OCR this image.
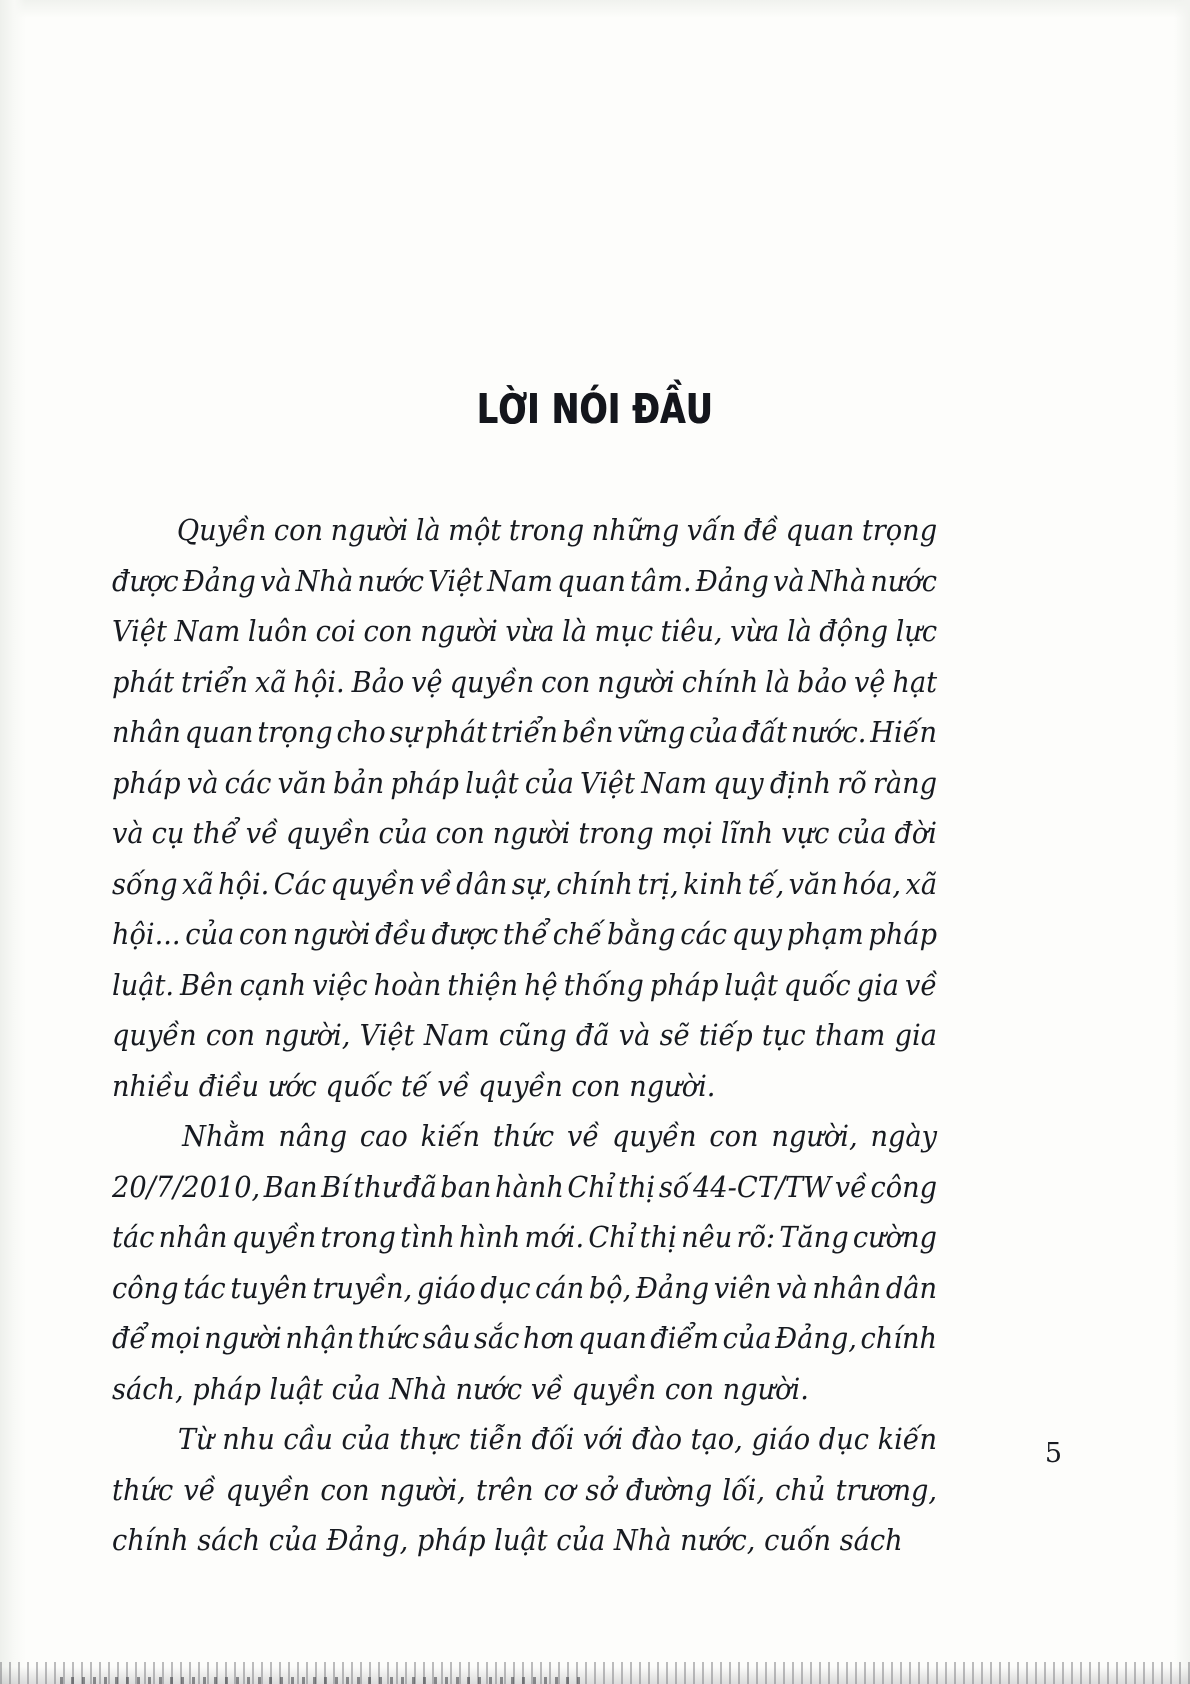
LỜI NÓI ĐẦU

Quyền con người là một trong những vấn đề quan trọng
được Đảng và Nhà nước Việt Nam quan tâm. Đảng và Nhà nước
Việt Nam luôn coi con người vừa là mục tiêu, vừa là động lực
phát triển xã hội. Bảo vệ quyền con người chính là bảo vệ hạt
nhân quan trọng cho sự phát triển bền vững của đất nước. Hiến
pháp và các văn bản pháp luật của Việt Nam quy định rõ ràng
và cụ thể về quyền của con người trong mọi lĩnh vực của đời
sống xã hội. Các quyền về dân sự, chính trị, kinh tế, văn hóa, xã
hội... của con người đều được thể chế bằng các quy phạm pháp
luật. Bên cạnh việc hoàn thiện hệ thống pháp luật quốc gia về
quyền con người, Việt Nam cũng đã và sẽ tiếp tục tham gia
nhiều điều ước quốc tế về quyền con người.

Nhằm nâng cao kiến thức về quyền con người, ngày
20/7/2010, Ban Bí thư đã ban hành Chỉ thị số 44-CT/TW về công
tác nhân quyền trong tình hình mới. Chỉ thị nêu rõ: Tăng cường
công tác tuyên truyền, giáo dục cán bộ, Đảng viên và nhân dân
để mọi người nhận thức sâu sắc hơn quan điểm của Đảng, chính
sách, pháp luật của Nhà nước về quyền con người.

Từ nhu cầu của thực tiễn đối với đào tạo, giáo dục kiến
thức về quyền con người, trên cơ sở đường lối, chủ trương,
chính sách của Đảng, pháp luật của Nhà nước, cuốn sách

5
